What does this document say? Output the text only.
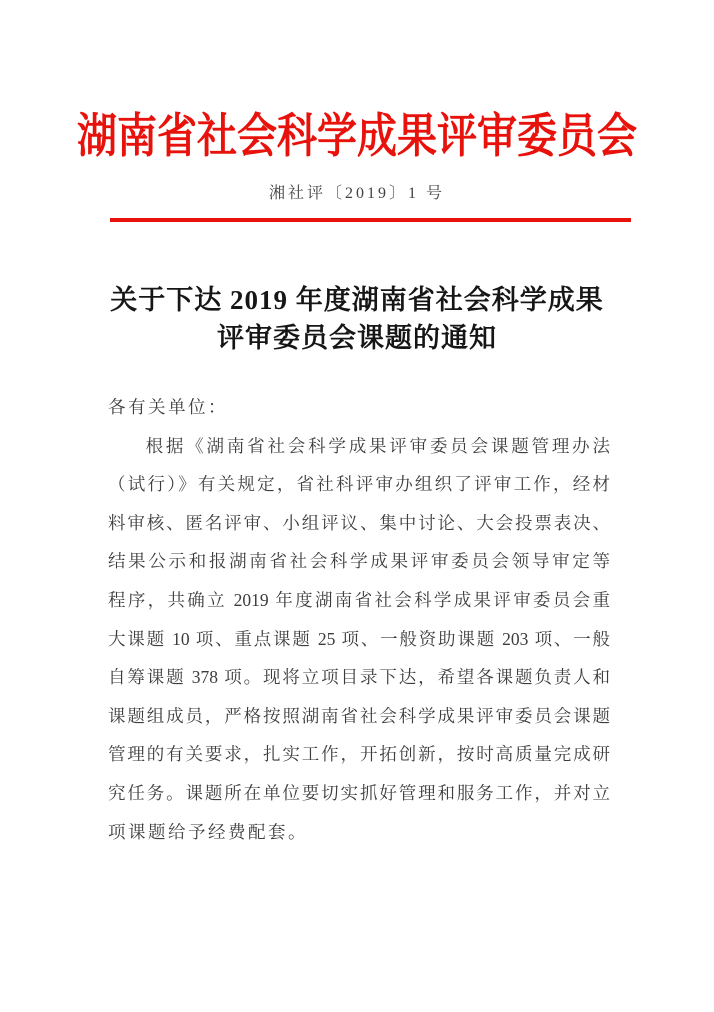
湖南省社会科学成果评审委员会
湘社评〔2019〕1 号
关于下达 2019 年度湖南省社会科学成果
评审委员会课题的通知
各有关单位：
根据《湖南省社会科学成果评审委员会课题管理办法
（试行）》有关规定，省社科评审办组织了评审工作，经材
料审核、匿名评审、小组评议、集中讨论、大会投票表决、
结果公示和报湖南省社会科学成果评审委员会领导审定等
程序，共确立 2019 年度湖南省社会科学成果评审委员会重
大课题 10 项、重点课题 25 项、一般资助课题 203 项、一般
自筹课题 378 项。现将立项目录下达，希望各课题负责人和
课题组成员，严格按照湖南省社会科学成果评审委员会课题
管理的有关要求，扎实工作，开拓创新，按时高质量完成研
究任务。课题所在单位要切实抓好管理和服务工作，并对立
项课题给予经费配套。
